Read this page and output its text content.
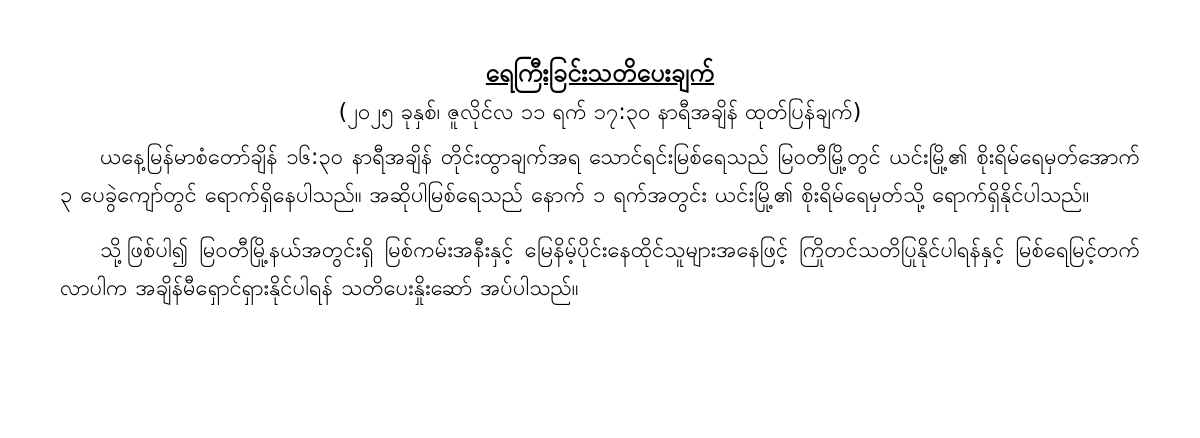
ရေကြီးခြင်းသတိပေးချက်
(၂၀၂၅ ခုနှစ်၊ ဇူလိုင်လ ၁၁ ရက် ၁၇:၃၀ နာရီအချိန် ထုတ်ပြန်ချက်)

ယနေ့မြန်မာစံတော်ချိန် ၁၆:၃၀ နာရီအချိန် တိုင်းထွာချက်အရ သောင်ရင်းမြစ်ရေသည် မြဝတီမြို့တွင် ယင်းမြို့၏ စိုးရိမ်ရေမှတ်အောက် ၃ ပေခွဲကျော်တွင် ရောက်ရှိနေပါသည်။ အဆိုပါမြစ်ရေသည် နောက် ၁ ရက်အတွင်း ယင်းမြို့၏ စိုးရိမ်ရေမှတ်သို့ ရောက်ရှိနိုင်ပါသည်။

သို့ဖြစ်ပါ၍ မြဝတီမြို့နယ်အတွင်းရှိ မြစ်ကမ်းအနီးနှင့် မြေနိမ့်ပိုင်းနေထိုင်သူများအနေဖြင့် ကြိုတင်သတိပြုနိုင်ပါရန်နှင့် မြစ်ရေမြင့်တက်လာပါက အချိန်မီရှောင်ရှားနိုင်ပါရန် သတိပေးနှိုးဆော် အပ်ပါသည်။
